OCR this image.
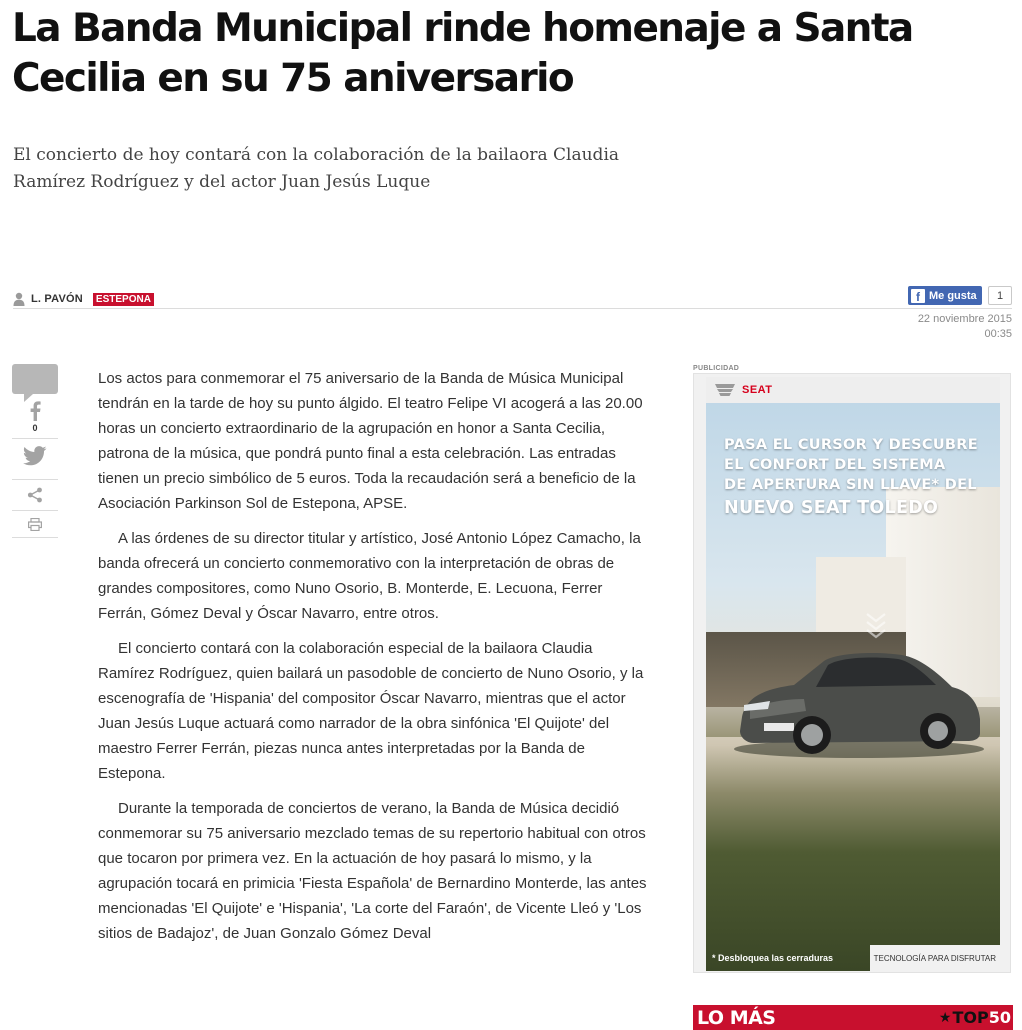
La Banda Municipal rinde homenaje a Santa Cecilia en su 75 aniversario
El concierto de hoy contará con la colaboración de la bailaora Claudia Ramírez Rodríguez y del actor Juan Jesús Luque
L. PAVÓN	ESTEPONA	f Me gusta	1
22 noviembre 2015
00:35
0

Los actos para conmemorar el 75 aniversario de la Banda de Música Municipal tendrán en la tarde de hoy su punto álgido. El teatro Felipe VI acogerá a las 20.00 horas un concierto extraordinario de la agrupación en honor a Santa Cecilia, patrona de la música, que pondrá punto final a esta celebración. Las entradas tienen un precio simbólico de 5 euros. Toda la recaudación será a beneficio de la Asociación Parkinson Sol de Estepona, APSE.

A las órdenes de su director titular y artístico, José Antonio López Camacho, la banda ofrecerá un concierto conmemorativo con la interpretación de obras de grandes compositores, como Nuno Osorio, B. Monterde, E. Lecuona, Ferrer Ferrán, Gómez Deval y Óscar Navarro, entre otros.

El concierto contará con la colaboración especial de la bailaora Claudia Ramírez Rodríguez, quien bailará un pasodoble de concierto de Nuno Osorio, y la escenografía de 'Hispania' del compositor Óscar Navarro, mientras que el actor Juan Jesús Luque actuará como narrador de la obra sinfónica 'El Quijote' del maestro Ferrer Ferrán, piezas nunca antes interpretadas por la Banda de Estepona.

Durante la temporada de conciertos de verano, la Banda de Música decidió conmemorar su 75 aniversario mezclado temas de su repertorio habitual con otros que tocaron por primera vez. En la actuación de hoy pasará lo mismo, y la agrupación tocará en primicia 'Fiesta Española' de Bernardino Monterde, las antes mencionadas 'El Quijote' e 'Hispania', 'La corte del Faraón', de Vicente Lleó y 'Los sitios de Badajoz', de Juan Gonzalo Gómez Deval

PUBLICIDAD
SEAT
PASA EL CURSOR Y DESCUBRE
EL CONFORT DEL SISTEMA
DE APERTURA SIN LLAVE* DEL
NUEVO SEAT TOLEDO
* Desbloquea las cerraduras	TECNOLOGÍA PARA DISFRUTAR
LO MÁS	★ TOP 50
